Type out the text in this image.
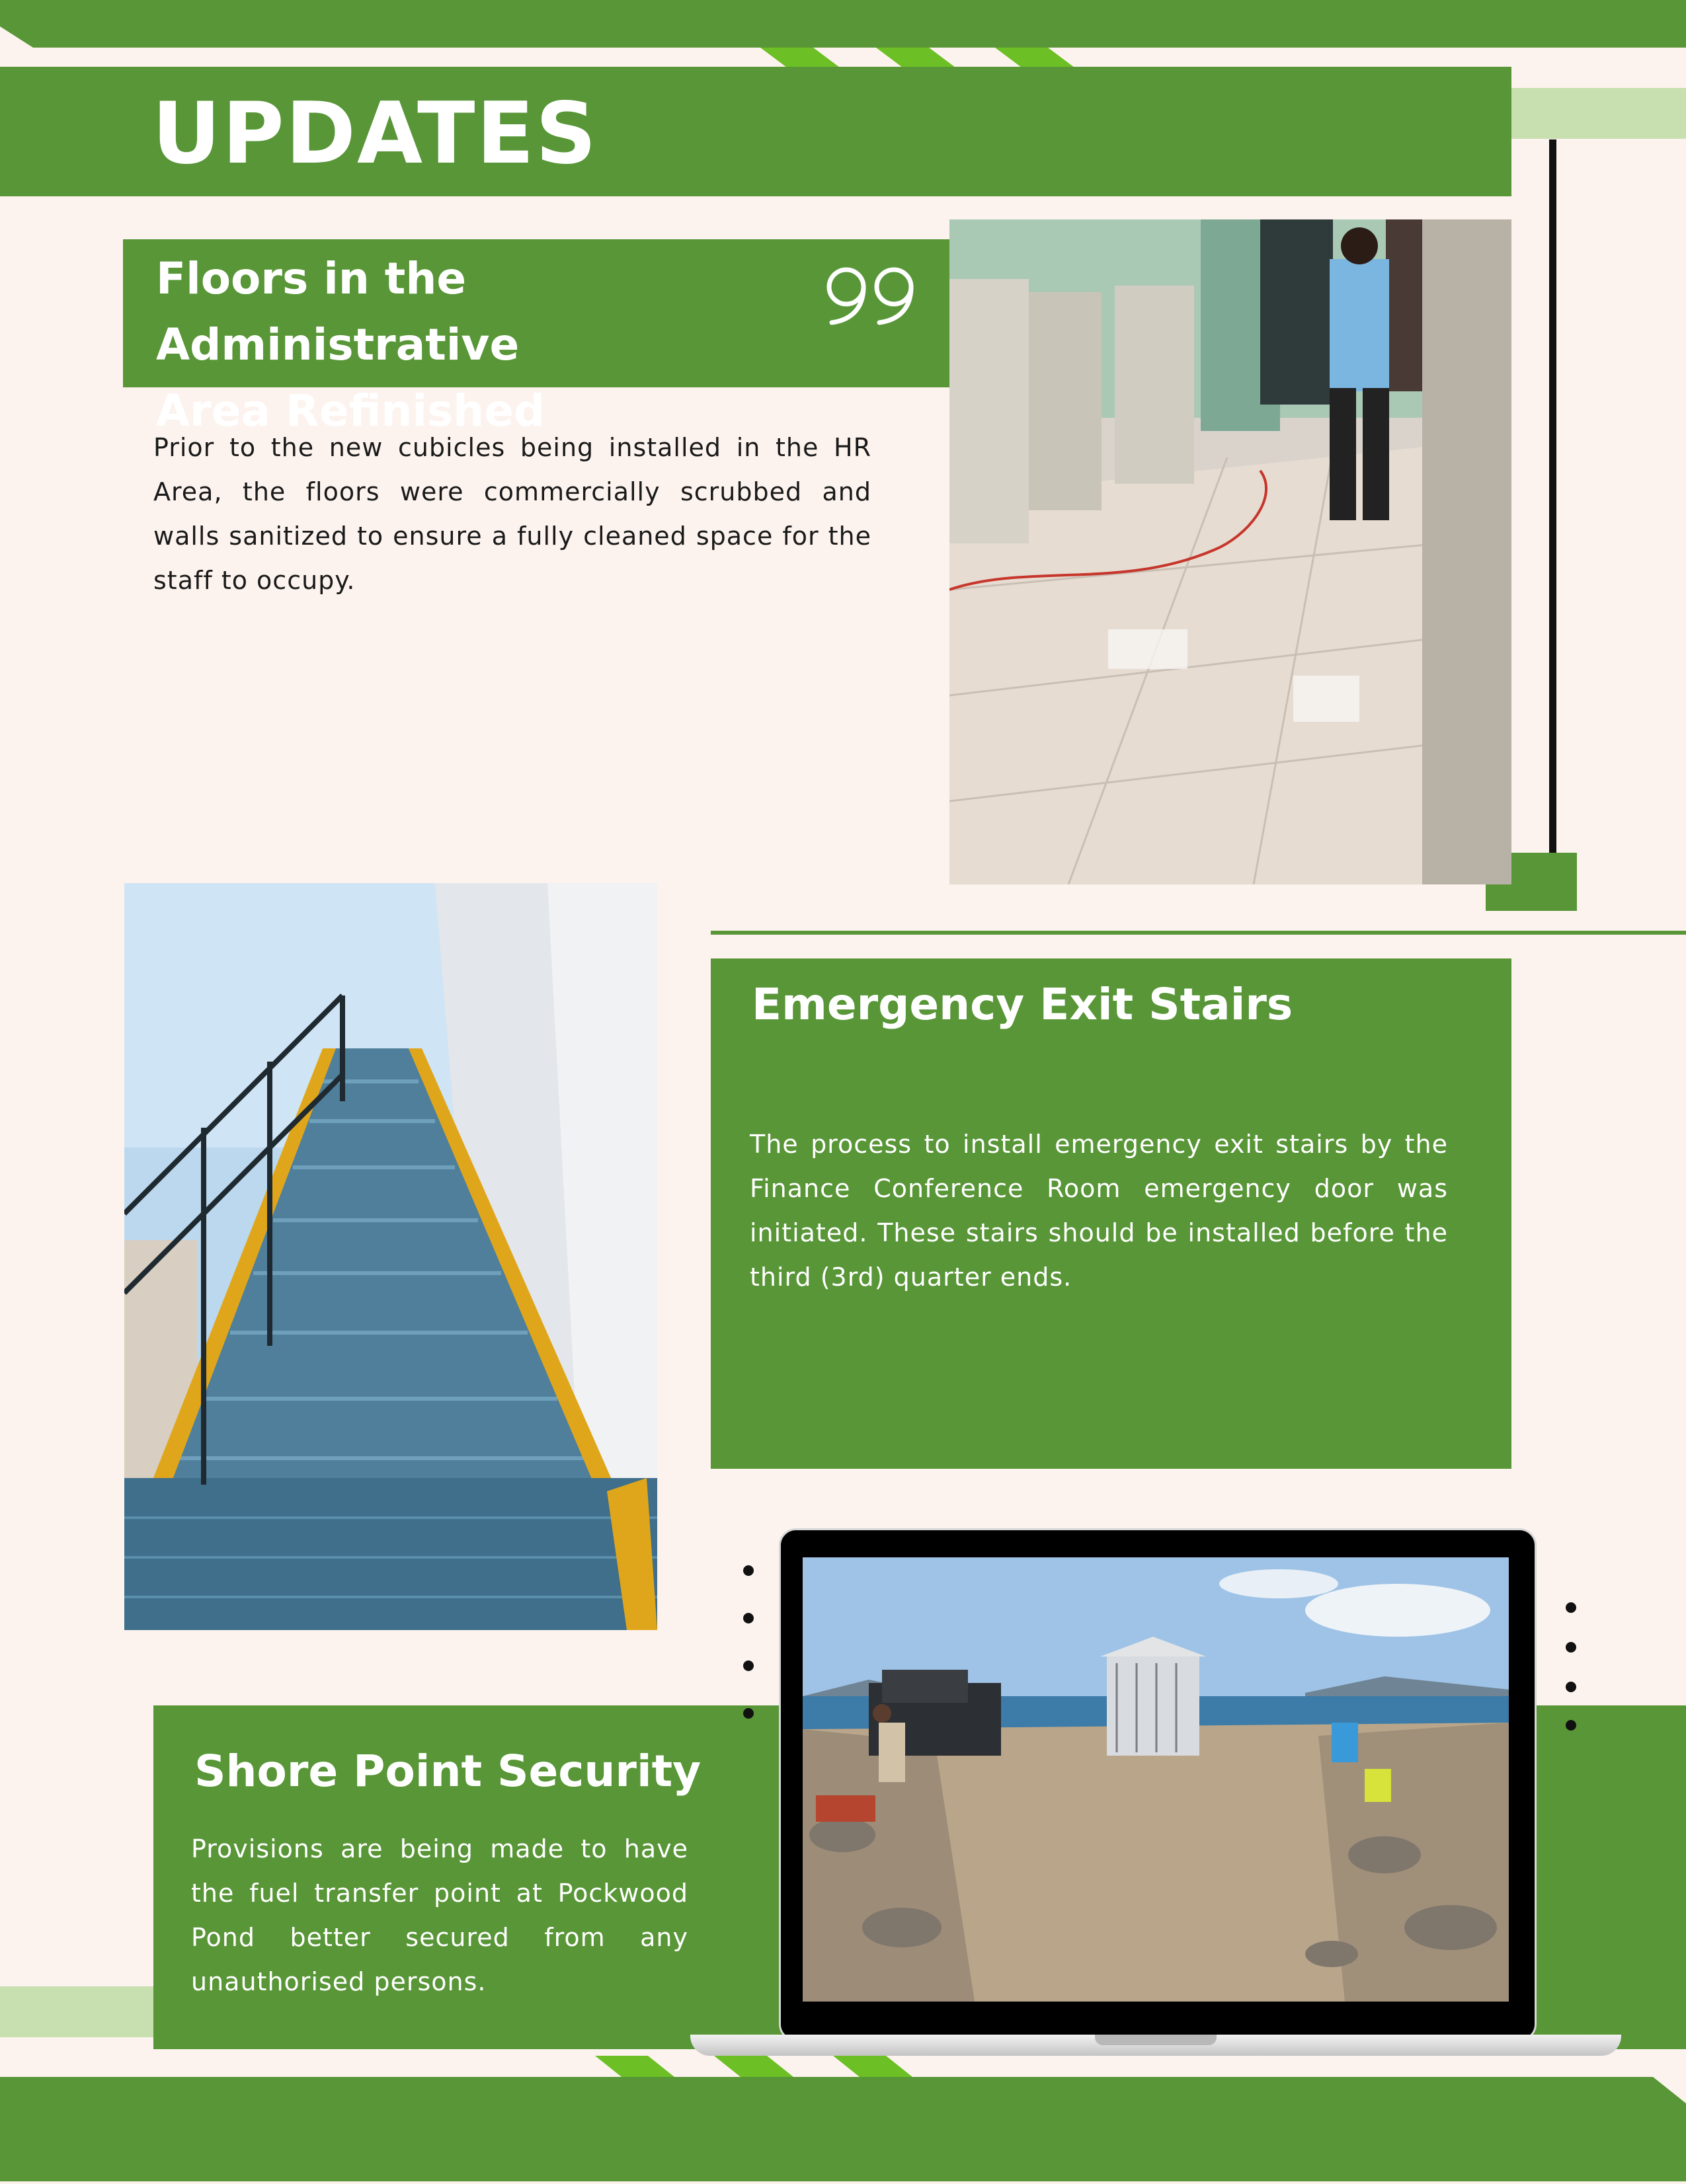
UPDATES
Floors in the Administrative
Area Refinished
Prior to the new cubicles being installed in the HR Area, the floors were commercially scrubbed and walls sanitized to ensure a fully cleaned space for the staff to occupy.
Emergency Exit Stairs
The process to install emergency exit stairs by the Finance Conference Room emergency door was initiated. These stairs should be installed before the third (3rd) quarter ends.
Shore Point Security
Provisions are being made to have the fuel transfer point at Pockwood Pond better secured from any unauthorised persons.
